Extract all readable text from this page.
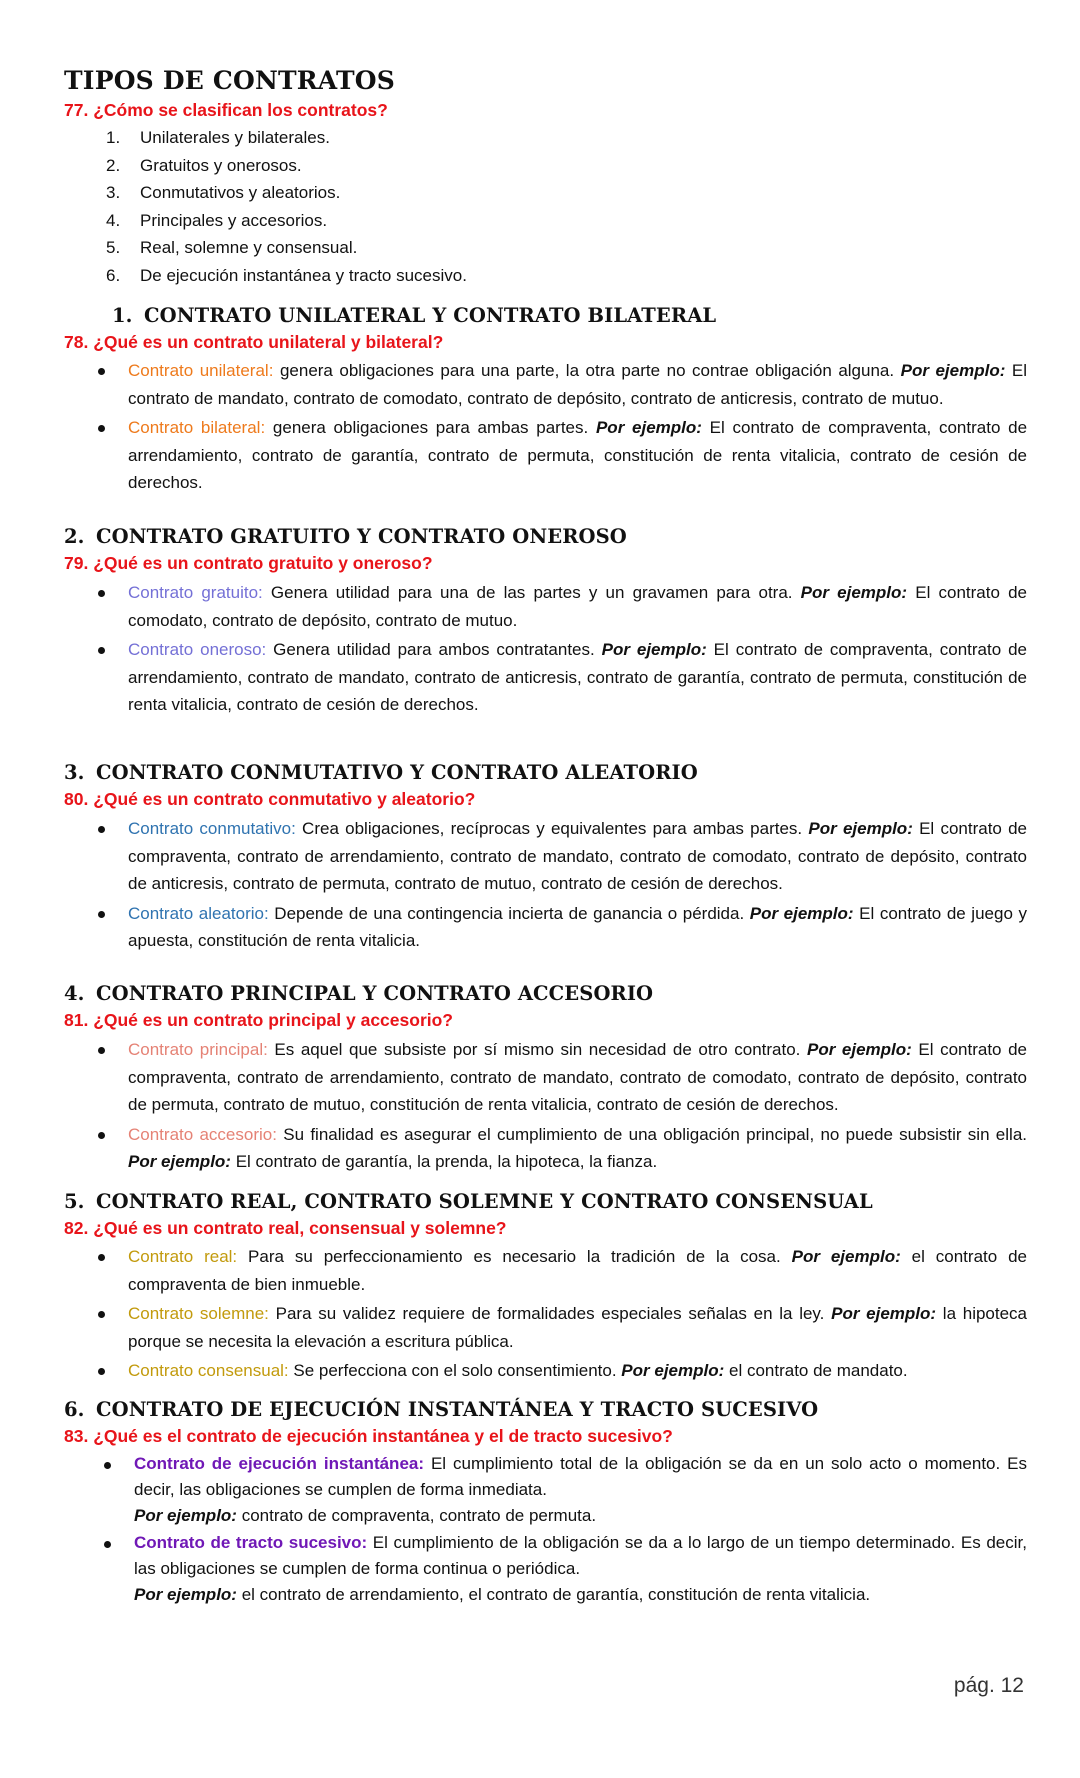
TIPOS DE CONTRATOS

77. ¿Cómo se clasifican los contratos?

1. Unilaterales y bilaterales.
2. Gratuitos y onerosos.
3. Conmutativos y aleatorios.
4. Principales y accesorios.
5. Real, solemne y consensual.
6. De ejecución instantánea y tracto sucesivo.
1. CONTRATO UNILATERAL Y CONTRATO BILATERAL

78. ¿Qué es un contrato unilateral y bilateral?

Contrato unilateral: genera obligaciones para una parte, la otra parte no contrae obligación alguna. Por ejemplo: El contrato de mandato, contrato de comodato, contrato de depósito, contrato de anticresis, contrato de mutuo.
Contrato bilateral: genera obligaciones para ambas partes. Por ejemplo: El contrato de compraventa, contrato de arrendamiento, contrato de garantía, contrato de permuta, constitución de renta vitalicia, contrato de cesión de derechos.
2. CONTRATO GRATUITO Y CONTRATO ONEROSO

79. ¿Qué es un contrato gratuito y oneroso?

Contrato gratuito: Genera utilidad para una de las partes y un gravamen para otra. Por ejemplo: El contrato de comodato, contrato de depósito, contrato de mutuo.
Contrato oneroso: Genera utilidad para ambos contratantes. Por ejemplo: El contrato de compraventa, contrato de arrendamiento, contrato de mandato, contrato de anticresis, contrato de garantía, contrato de permuta, constitución de renta vitalicia, contrato de cesión de derechos.
3. CONTRATO CONMUTATIVO Y CONTRATO ALEATORIO

80. ¿Qué es un contrato conmutativo y aleatorio?

Contrato conmutativo: Crea obligaciones, recíprocas y equivalentes para ambas partes. Por ejemplo: El contrato de compraventa, contrato de arrendamiento, contrato de mandato, contrato de comodato, contrato de depósito, contrato de anticresis, contrato de permuta, contrato de mutuo, contrato de cesión de derechos.
Contrato aleatorio: Depende de una contingencia incierta de ganancia o pérdida. Por ejemplo: El contrato de juego y apuesta, constitución de renta vitalicia.
4. CONTRATO PRINCIPAL Y CONTRATO ACCESORIO

81. ¿Qué es un contrato principal y accesorio?

Contrato principal: Es aquel que subsiste por sí mismo sin necesidad de otro contrato. Por ejemplo: El contrato de compraventa, contrato de arrendamiento, contrato de mandato, contrato de comodato, contrato de depósito, contrato de permuta, contrato de mutuo, constitución de renta vitalicia, contrato de cesión de derechos.
Contrato accesorio: Su finalidad es asegurar el cumplimiento de una obligación principal, no puede subsistir sin ella. Por ejemplo: El contrato de garantía, la prenda, la hipoteca, la fianza.
5. CONTRATO REAL, CONTRATO SOLEMNE Y CONTRATO CONSENSUAL

82. ¿Qué es un contrato real, consensual y solemne?

Contrato real: Para su perfeccionamiento es necesario la tradición de la cosa. Por ejemplo: el contrato de compraventa de bien inmueble.
Contrato solemne: Para su validez requiere de formalidades especiales señalas en la ley. Por ejemplo: la hipoteca porque se necesita la elevación a escritura pública.
Contrato consensual: Se perfecciona con el solo consentimiento. Por ejemplo: el contrato de mandato.
6. CONTRATO DE EJECUCIÓN INSTANTÁNEA Y TRACTO SUCESIVO

83. ¿Qué es el contrato de ejecución instantánea y el de tracto sucesivo?

Contrato de ejecución instantánea: El cumplimiento total de la obligación se da en un solo acto o momento. Es decir, las obligaciones se cumplen de forma inmediata.
Por ejemplo: contrato de compraventa, contrato de permuta.
Contrato de tracto sucesivo: El cumplimiento de la obligación se da a lo largo de un tiempo determinado. Es decir, las obligaciones se cumplen de forma continua o periódica.
Por ejemplo: el contrato de arrendamiento, el contrato de garantía, constitución de renta vitalicia.
pág. 12
